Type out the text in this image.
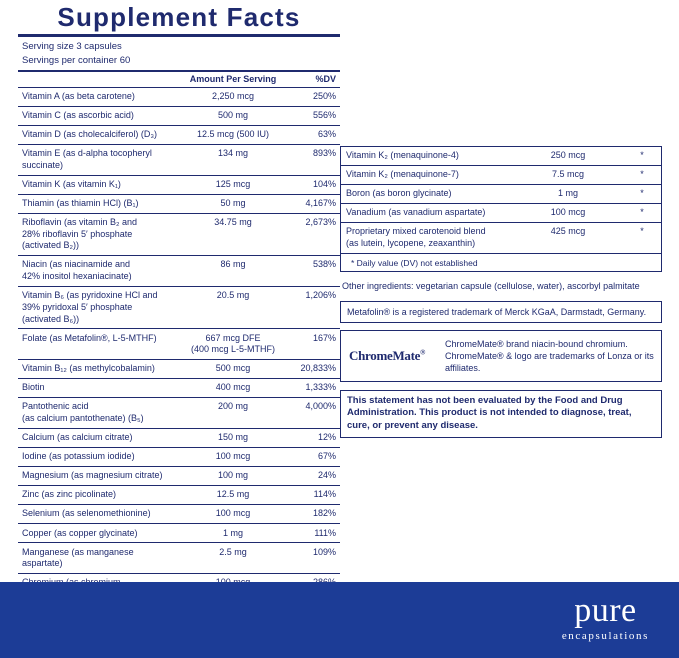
Supplement Facts
Serving size 3 capsules
Servings per container 60
Amount Per Serving	%DV
Vitamin A (as beta carotene)	2,250 mcg	250%
Vitamin C (as ascorbic acid)	500 mg	556%
Vitamin D (as cholecalciferol) (D₃)	12.5 mcg (500 IU)	63%
Vitamin E (as d-alpha tocopheryl succinate)
134 mg	893%
Vitamin K (as vitamin K₁)	125 mcg	104%
Thiamin (as thiamin HCl) (B₁)	50 mg	4,167%
Riboflavin (as vitamin B₂ and
28% riboflavin 5′ phosphate (activated B₂))
34.75 mg	2,673%
Niacin (as niacinamide and
42% inositol hexaniacinate)
86 mg	538%
Vitamin B₆ (as pyridoxine HCl and
39% pyridoxal 5′ phosphate (activated B₆))
20.5 mg	1,206%
Folate (as Metafolin®, L-5-MTHF)	667 mcg DFE
(400 mcg L-5-MTHF)
167%
Vitamin B₁₂ (as methylcobalamin)	500 mcg	20,833%
Biotin	400 mcg	1,333%
Pantothenic acid
(as calcium pantothenate) (B₅)
200 mg	4,000%
Calcium (as calcium citrate)	150 mg	12%
Iodine (as potassium iodide)	100 mcg	67%
Magnesium (as magnesium citrate)	100 mg	24%
Zinc (as zinc picolinate)	12.5 mg	114%
Selenium (as selenomethionine)	100 mcg	182%
Copper (as copper glycinate)	1 mg	111%
Manganese (as manganese aspartate)
2.5 mg	109%
Vitamin K₂ (menaquinone-4)	250 mcg	*
Vitamin K₂ (menaquinone-7)	7.5 mcg	*
Boron (as boron glycinate)	1 mg	*
Vanadium (as vanadium aspartate)	100 mcg	*
Proprietary mixed carotenoid blend
(as lutein, lycopene, zeaxanthin)
425 mcg	*
* Daily value (DV) not established
Other ingredients: vegetarian capsule (cellulose, water), ascorbyl palmitate
Metafolin® is a registered trademark of Merck KGaA, Darmstadt, Germany.
ChromeMate®
ChromeMate® brand niacin-bound chromium. ChromeMate® & logo are trademarks of Lonza or its affiliates.
This statement has not been evaluated by the Food and Drug Administration. This product is not intended to diagnose, treat, cure, or prevent any disease.
pure
encapsulations
